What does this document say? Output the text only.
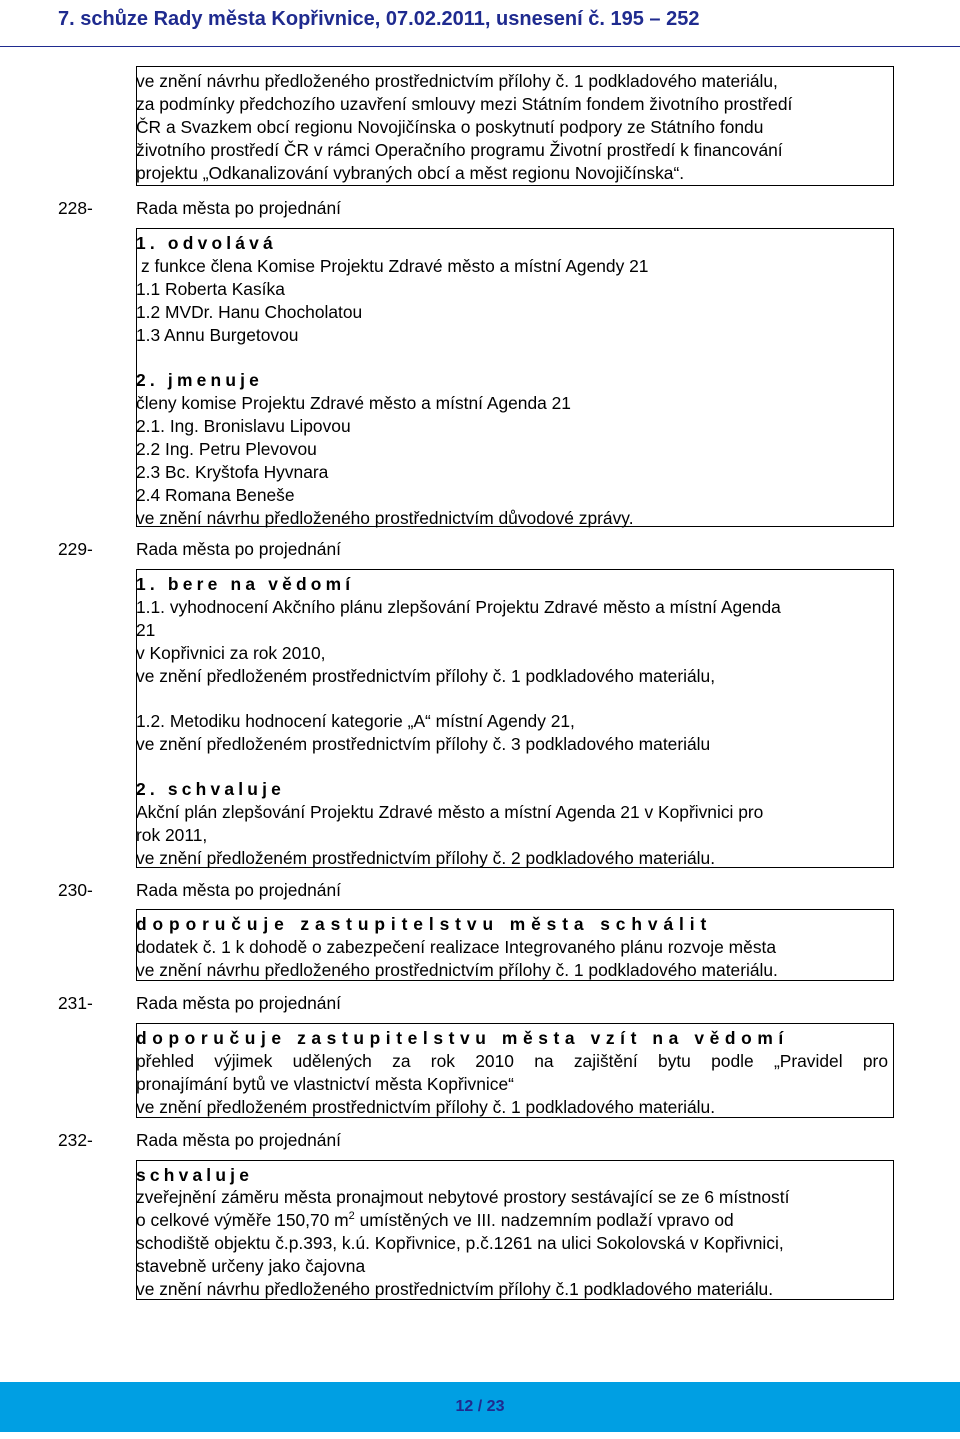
7. schůze Rady města Kopřivnice, 07.02.2011, usnesení č. 195 – 252
ve znění návrhu předloženého prostřednictvím přílohy č. 1 podkladového materiálu,
za podmínky předchozího uzavření smlouvy mezi Státním fondem životního prostředí
ČR a Svazkem obcí regionu Novojičínska o poskytnutí podpory ze Státního fondu
životního prostředí ČR v rámci Operačního programu Životní prostředí k financování
projektu „Odkanalizování vybraných obcí a měst regionu Novojičínska“.
228- Rada města po projednání
1. odvolává
z funkce člena Komise Projektu Zdravé město a místní Agendy 21
1.1 Roberta Kasíka
1.2 MVDr. Hanu Chocholatou
1.3 Annu Burgetovou
2. jmenuje
členy komise Projektu Zdravé město a místní Agenda 21
2.1. Ing. Bronislavu Lipovou
2.2 Ing. Petru Plevovou
2.3 Bc. Kryštofa Hyvnara
2.4 Romana Beneše
ve znění návrhu předloženého prostřednictvím důvodové zprávy.
229- Rada města po projednání
1. bere na vědomí
1.1. vyhodnocení Akčního plánu zlepšování Projektu Zdravé město a místní Agenda
21
v Kopřivnici za rok 2010,
ve znění předloženém prostřednictvím přílohy č. 1 podkladového materiálu,
1.2. Metodiku hodnocení kategorie „A“ místní Agendy 21,
ve znění předloženém prostřednictvím přílohy č. 3 podkladového materiálu
2. schvaluje
Akční plán zlepšování Projektu Zdravé město a místní Agenda 21 v Kopřivnici pro
rok 2011,
ve znění předloženém prostřednictvím přílohy č. 2 podkladového materiálu.
230- Rada města po projednání
doporučuje zastupitelstvu města schválit
dodatek č. 1 k dohodě o zabezpečení realizace Integrovaného plánu rozvoje města
ve znění návrhu předloženého prostřednictvím přílohy č. 1 podkladového materiálu.
231- Rada města po projednání
doporučuje zastupitelstvu města vzít na vědomí
přehled výjimek udělených za rok 2010 na zajištění bytu podle „Pravidel pro
pronajímání bytů ve vlastnictví města Kopřivnice“
ve znění předloženém prostřednictvím přílohy č. 1 podkladového materiálu.
232- Rada města po projednání
schvaluje
zveřejnění záměru města pronajmout nebytové prostory sestávající se ze 6 místností
o celkové výměře 150,70 $m^2$ umístěných ve III. nadzemním podlaží vpravo od
schodiště objektu č.p.393, k.ú. Kopřivnice, p.č.1261 na ulici Sokolovská v Kopřivnici,
stavebně určeny jako čajovna
ve znění návrhu předloženého prostřednictvím přílohy č.1 podkladového materiálu.
12 / 23
